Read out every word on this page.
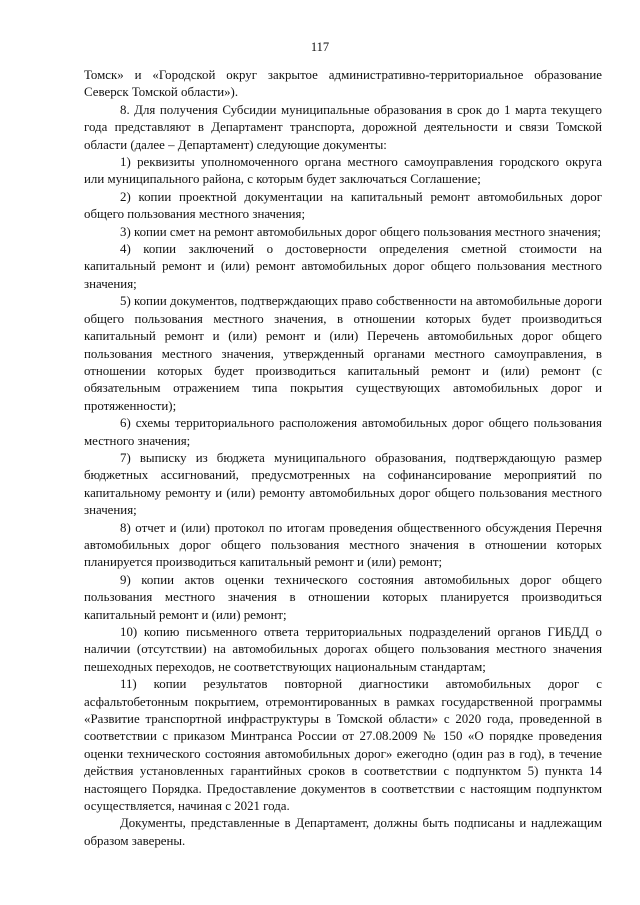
117

Томск» и «Городской округ закрытое административно-территориальное образование Северск Томской области»).

8. Для получения Субсидии муниципальные образования в срок до 1 марта текущего года представляют в Департамент транспорта, дорожной деятельности и связи Томской области (далее – Департамент) следующие документы:

1) реквизиты уполномоченного органа местного самоуправления городского округа или муниципального района, с которым будет заключаться Соглашение;

2) копии проектной документации на капитальный ремонт автомобильных дорог общего пользования местного значения;

3) копии смет на ремонт автомобильных дорог общего пользования местного значения;

4) копии заключений о достоверности определения сметной стоимости на капитальный ремонт и (или) ремонт автомобильных дорог общего пользования местного значения;

5) копии документов, подтверждающих право собственности на автомобильные дороги общего пользования местного значения, в отношении которых будет производиться капитальный ремонт и (или) ремонт и (или) Перечень автомобильных дорог общего пользования местного значения, утвержденный органами местного самоуправления, в отношении которых будет производиться капитальный ремонт и (или) ремонт (с обязательным отражением типа покрытия существующих автомобильных дорог и протяженности);

6) схемы территориального расположения автомобильных дорог общего пользования местного значения;

7) выписку из бюджета муниципального образования, подтверждающую размер бюджетных ассигнований, предусмотренных на софинансирование мероприятий по капитальному ремонту и (или) ремонту автомобильных дорог общего пользования местного значения;

8) отчет и (или) протокол по итогам проведения общественного обсуждения Перечня автомобильных дорог общего пользования местного значения в отношении которых планируется производиться капитальный ремонт и (или) ремонт;

9) копии актов оценки технического состояния автомобильных дорог общего пользования местного значения в отношении которых планируется производиться капитальный ремонт и (или) ремонт;

10) копию письменного ответа территориальных подразделений органов ГИБДД о наличии (отсутствии) на автомобильных дорогах общего пользования местного значения пешеходных переходов, не соответствующих национальным стандартам;

11) копии результатов повторной диагностики автомобильных дорог с асфальтобетонным покрытием, отремонтированных в рамках государственной программы «Развитие транспортной инфраструктуры в Томской области» с 2020 года, проведенной в соответствии с приказом Минтранса России от 27.08.2009 № 150 «О порядке проведения оценки технического состояния автомобильных дорог» ежегодно (один раз в год), в течение действия установленных гарантийных сроков в соответствии с подпунктом 5) пункта 14 настоящего Порядка. Предоставление документов в соответствии с настоящим подпунктом осуществляется, начиная с 2021 года.

Документы, представленные в Департамент, должны быть подписаны и надлежащим образом заверены.
